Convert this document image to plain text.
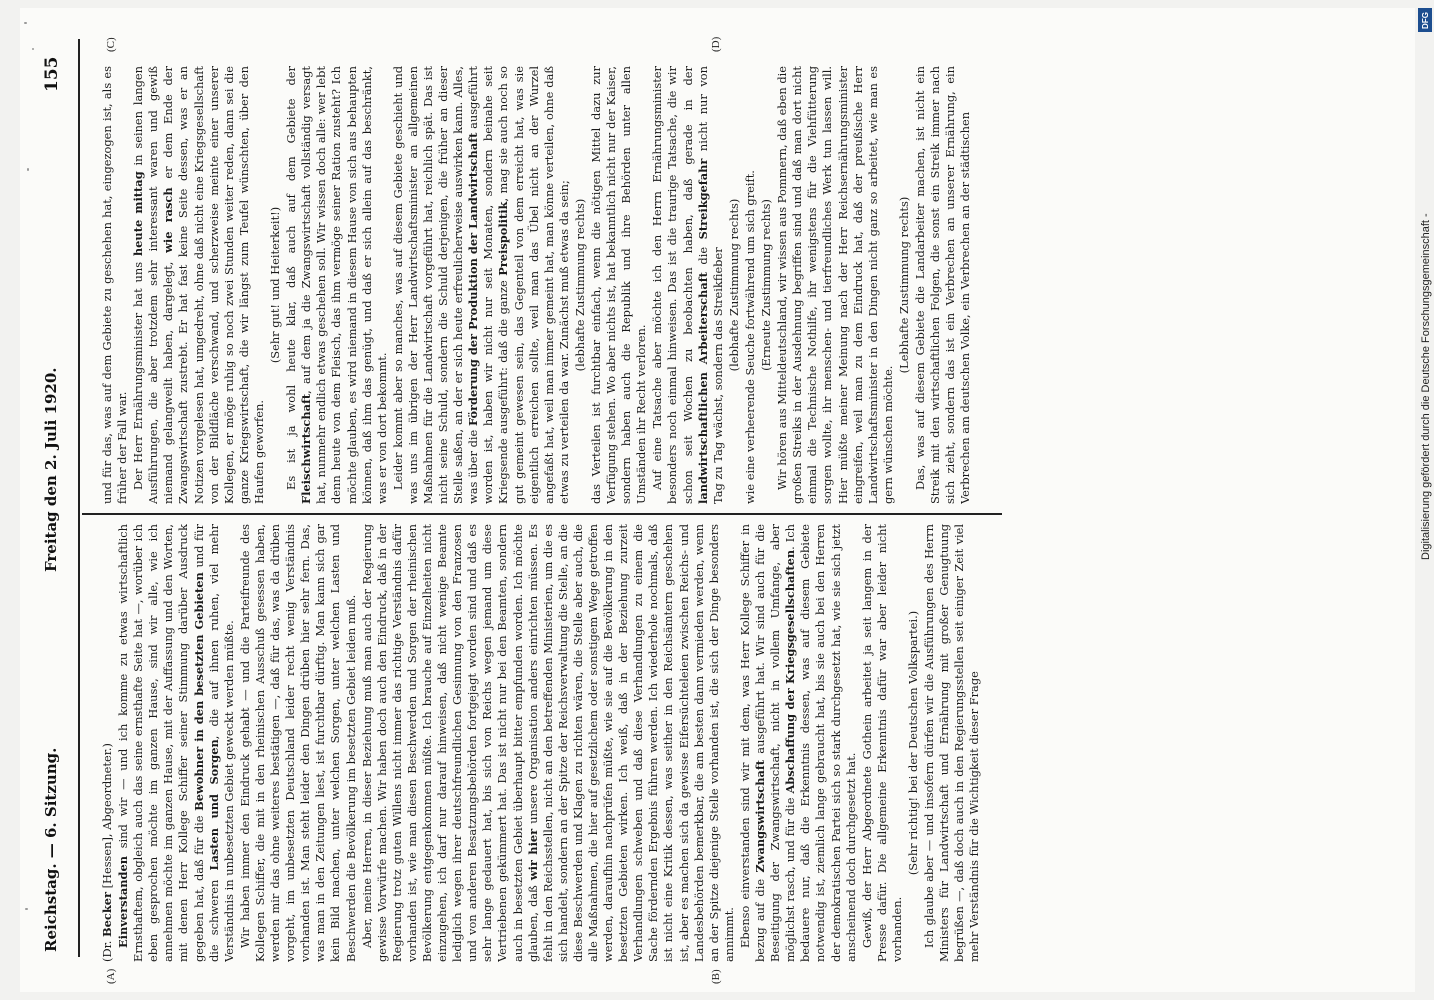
Reichstag. — 6. Sitzung.
Freitag den 2. Juli 1920.
155

(Dr. Becker [Hessen], Abgeordneter.)

Einverstanden sind wir — und ich komme zu etwas wirtschaftlich Ernsthaftem, obgleich auch das seine ernsthafte Seite hat —, worüber ich eben gesprochen möchte im ganzen Hause, sind wir alle, wie ich annehmen möchte im ganzen Hause, mit der Auffassung und den Worten, mit denen Herr Kollege Schiffer seiner Stimmung darüber Ausdruck gegeben hat, daß für die Bewohner in den besetzten Gebieten und für die schweren Lasten und Sorgen, die auf ihnen ruhen, viel mehr Verständnis in unbesetzten Gebiet geweckt werden müßte. Wir haben immer den Eindruck gehabt — und die Parteifreunde des Kollegen Schiffer, die mit in den rheinischen Ausschuß gesessen haben, werden mir das ohne weiteres bestätigen —, daß für das, was da drüben vorgeht, im unbesetzten Deutschland leider recht wenig Verständnis vorhanden ist. Man steht leider den Dingen drüben hier sehr fern. Das, was man in den Zeitungen liest, ist furchtbar dürftig. Man kann sich gar kein Bild machen, unter welchen Sorgen, unter welchen Lasten und Beschwerden die Bevölkerung im besetzten Gebiet leiden muß. Aber, meine Herren, in dieser Beziehung muß man auch der Regierung gewisse Vorwürfe machen. Wir haben doch auch den Eindruck, daß in der Regierung trotz guten Willens nicht immer das richtige Verständnis dafür vorhanden ist, wie man diesen Beschwerden und Sorgen der rheinischen Bevölkerung entgegenkommen müßte. Ich brauche auf Einzelheiten nicht einzugehen, ich darf nur darauf hinweisen, daß nicht wenige Beamte lediglich wegen ihrer deutschfreundlichen Gesinnung von den Franzosen und von anderen Besatzungsbehörden fortgejagt worden sind und daß es sehr lange gedauert hat, bis sich von Reichs wegen jemand um diese Vertriebenen gekümmert hat. Das ist nicht nur bei den Beamten, sondern auch in besetzten Gebiet überhaupt bitter empfunden worden. Ich möchte glauben, daß wir hier unsere Organisation anders einrichten müssen. Es fehlt in den Reichsstellen, nicht an den betreffenden Ministerien, um die es sich handelt, sondern an der Spitze der Reichsverwaltung die Stelle, an die diese Beschwerden und Klagen zu richten wären, die Stelle aber auch, die alle Maßnahmen, die hier auf gesetzlichem oder sonstigem Wege getroffen werden, daraufhin nachprüfen müßte, wie sie auf die Bevölkerung in den besetzten Gebieten wirken. Ich weiß, daß in der Beziehung zurzeit Verhandlungen schweben und daß diese Verhandlungen zu einem die Sache fördernden Ergebnis führen werden. Ich wiederhole nochmals, daß ist nicht eine Kritik dessen, was seither in den Reichsämtern geschehen ist, aber es machen sich da gewisse Eifersüchteleien zwischen Reichs- und Landesbehörden bemerkbar, die am besten dann vermieden werden, wenn an der Spitze diejenige Stelle vorhanden ist, die sich der Dinge besonders annimmt. Ebenso einverstanden sind wir mit dem, was Herr Kollege Schiffer in bezug auf die Zwangswirtschaft ausgeführt hat. Wir sind auch für die Beseitigung der Zwangswirtschaft, nicht in vollem Umfange, aber möglichst rasch, und für die Abschaffung der Kriegsgesellschaften. Ich bedauere nur, daß die Erkenntnis dessen, was auf diesem Gebiete notwendig ist, ziemlich lange gebraucht hat, bis sie auch bei den Herren der demokratischen Partei sich so stark durchgesetzt hat, wie sie sich jetzt anscheinend doch durchgesetzt hat. Gewiß, der Herr Abgeordnete Gothein arbeitet ja seit langem in der Presse dafür. Die allgemeine Erkenntnis dafür war aber leider nicht vorhanden.

(Sehr richtig! bei der Deutschen Volkspartei.) Ich glaube aber — und insofern dürfen wir die Ausführungen des Herrn Ministers für Landwirtschaft und Ernährung mit großer Genugtuung begrüßen —, daß doch auch in den Regierungsstellen seit einiger Zeit viel mehr Verständnis für die Wichtigkeit dieser Frage

und für das, was auf dem Gebiete zu geschehen hat, eingezogen ist, als es früher der Fall war. Der Herr Ernährungsminister hat uns heute mittag in seinen langen Ausführungen, die aber trotzdem sehr interessant waren und gewiß niemand gelangweilt haben, dargelegt, wie rasch er dem Ende der Zwangswirtschaft zustrebt. Er hat fast keine Seite dessen, was er an Notizen vorgelesen hat, umgedreht, ohne daß nicht eine Kriegsgesellschaft von der Bildfläche verschwand, und scherzweise meinte einer unserer Kollegen, er möge ruhig so noch zwei Stunden weiter reden, dann sei die ganze Kriegswirtschaft, die wir längst zum Teufel wünschten, über den Haufen geworfen.

(Sehr gut! und Heiterkeit!) Es ist ja wohl heute klar, daß auch auf dem Gebiete der Fleischwirtschaft, auf dem ja die Zwangswirtschaft vollständig versagt hat, nunmehr endlich etwas geschehen soll. Wir wissen doch alle: wer lebt denn heute von dem Fleisch, das ihm vermöge seiner Ration zusteht? Ich möchte glauben, es wird niemand in diesem Hause von sich aus behaupten können, daß ihm das genügt, und daß er sich allein auf das beschränkt, was er von dort bekommt. Leider kommt aber so manches, was auf diesem Gebiete geschieht und was uns im übrigen der Herr Landwirtschaftsminister an allgemeinen Maßnahmen für die Landwirtschaft vorgeführt hat, reichlich spät. Das ist nicht seine Schuld, sondern die Schuld derjenigen, die früher an dieser Stelle saßen, an der er sich heute erfreulicherweise auswirken kann. Alles, was über die Förderung der Produktion der Landwirtschaft ausgeführt worden ist, haben wir nicht nur seit Monaten, sondern beinahe seit Kriegsende ausgeführt: daß die ganze Preispolitik, mag sie auch noch so gut gemeint gewesen sein, das Gegenteil von dem erreicht hat, was sie eigentlich erreichen sollte, weil man das Übel nicht an der Wurzel angefaßt hat, weil man immer gemeint hat, man könne verteilen, ohne daß etwas zu verteilen da war. Zunächst muß etwas da sein; (lebhafte Zustimmung rechts) das Verteilen ist furchtbar einfach, wenn die nötigen Mittel dazu zur Verfügung stehen. Wo aber nichts ist, hat bekanntlich nicht nur der Kaiser, sondern haben auch die Republik und ihre Behörden unter allen Umständen ihr Recht verloren. Auf eine Tatsache aber möchte ich den Herrn Ernährungsminister besonders noch einmal hinweisen. Das ist die traurige Tatsache, die wir schon seit Wochen zu beobachten haben, daß gerade in der landwirtschaftlichen Arbeiterschaft die Streikgefahr nicht nur von Tag zu Tag wächst, sondern das Streikfieber (lebhafte Zustimmung rechts) wie eine verheerende Seuche fortwährend um sich greift. (Erneute Zustimmung rechts) Wir hören aus Mitteldeutschland, wir wissen aus Pommern, daß eben die großen Streiks in der Ausdehnung begriffen sind und daß man dort nicht einmal die Technische Nothilfe, ihr wenigstens für die Viehfütterung sorgen wollte, ihr menschen- und tierfreundliches Werk tun lassen will. Hier müßte meiner Meinung nach der Herr Reichsernährungsminister eingreifen, weil man zu dem Eindruck hat, daß der preußische Herr Landwirtschaftsminister in den Dingen nicht ganz so arbeitet, wie man es gern wünschen möchte.

(Lebhafte Zustimmung rechts) Das, was auf diesem Gebiete die Landarbeiter machen, ist nicht ein Streik mit den wirtschaftlichen Folgen, die sonst ein Streik immer nach sich zieht, sondern das ist ein Verbrechen an unserer Ernährung, ein Verbrechen am deutschen Volke, ein Verbrechen an der städtischen

(A)	(B)
(C)	(D)
Digitalisierung gefördert durch die Deutsche Forschungsgemeinschaft -
DFG
